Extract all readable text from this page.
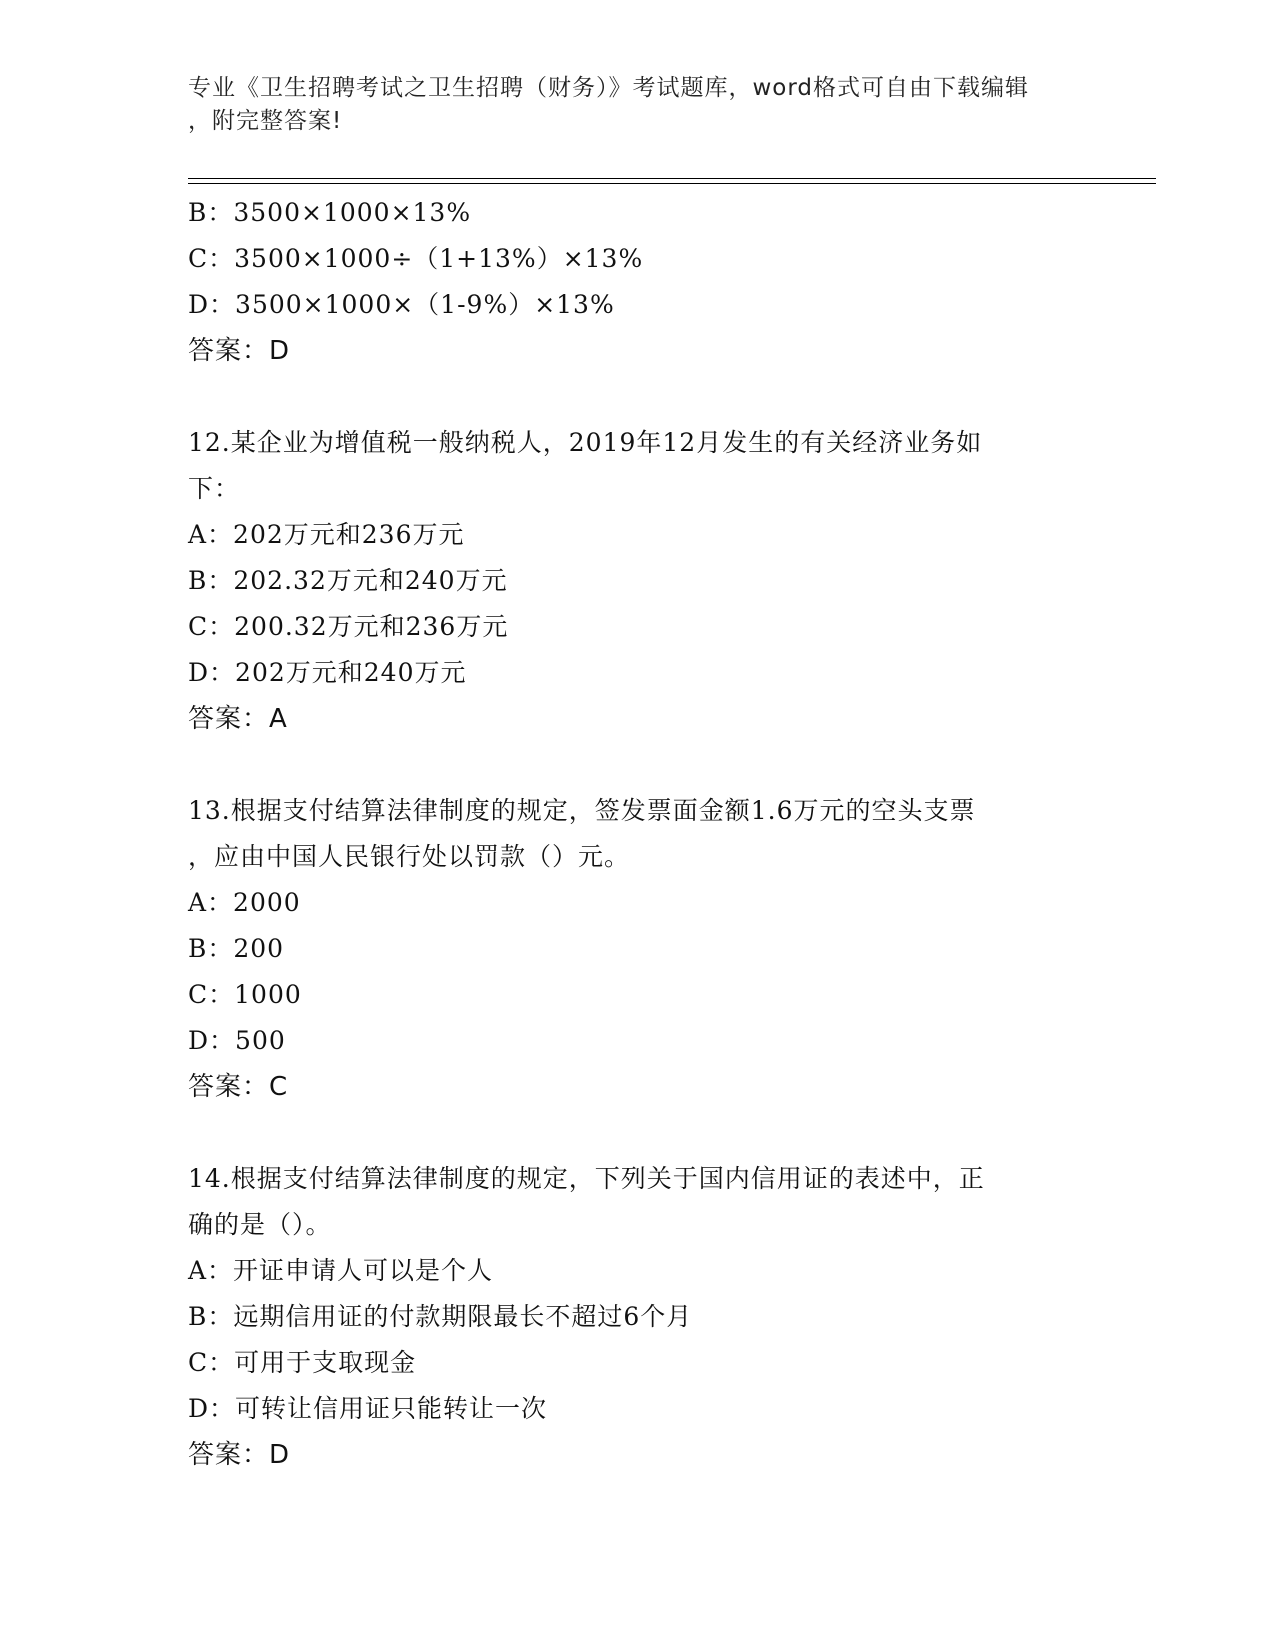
专业《卫生招聘考试之卫生招聘（财务）》考试题库，word格式可自由下载编辑
，附完整答案!
B：3500×1000×13%
C：3500×1000÷（1+13%）×13%
D：3500×1000×（1-9%）×13%
答案：D
12.某企业为增值税一般纳税人，2019年12月发生的有关经济业务如
下：
A：202万元和236万元
B：202.32万元和240万元
C：200.32万元和236万元
D：202万元和240万元
答案：A
13.根据支付结算法律制度的规定，签发票面金额1.6万元的空头支票
，应由中国人民银行处以罚款（）元。
A：2000
B：200
C：1000
D：500
答案：C
14.根据支付结算法律制度的规定，下列关于国内信用证的表述中，正
确的是（）。
A：开证申请人可以是个人
B：远期信用证的付款期限最长不超过6个月
C：可用于支取现金
D：可转让信用证只能转让一次
答案：D
